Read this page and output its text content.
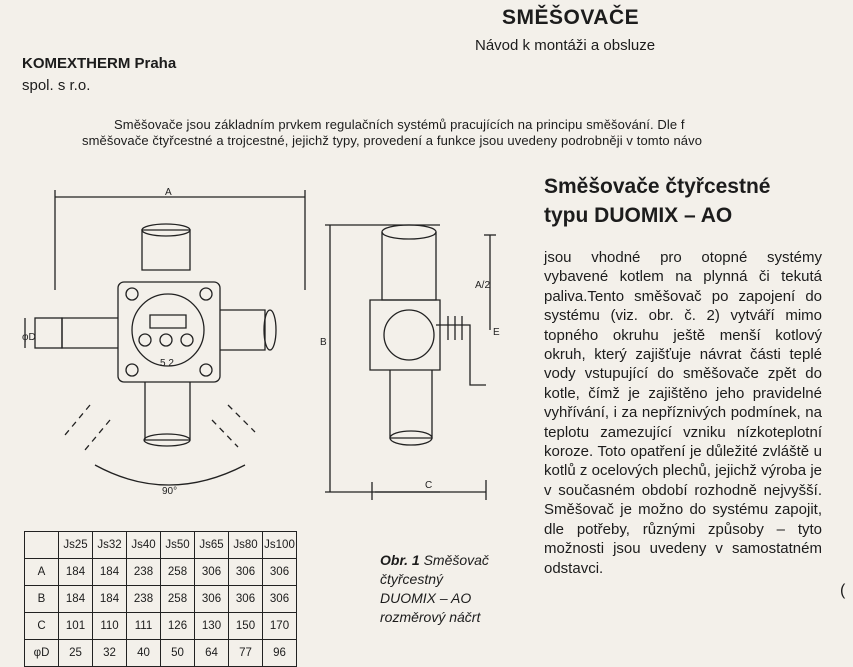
SMĚŠOVAČE
Návod k montáži a obsluze
KOMEXTHERM Praha
spol. s r.o.
Směšovače jsou základním prvkem regulačních systémů pracujících na principu směšování. Dle f
směšovače čtyřcestné a trojcestné, jejichž typy, provedení a funkce jsou uvedeny podrobněji v tomto návo
Směšovače čtyřcestné
typu DUOMIX – AO
jsou vhodné pro otopné systémy vybavené kotlem na plynná či tekutá paliva.Tento směšovač po zapojení do systému (viz. obr. č. 2) vytváří mimo topného okruhu ještě menší kotlový okruh, který zajišťuje návrat části teplé vody vstupující do směšovače zpět do kotle, čímž je zajištěno jeho pravidelné vyhřívání, i za nepříznivých podmínek, na teplotu zamezující vzniku nízkoteplotní koroze. Toto opatření je důležité zvláště u kotlů z ocelových plechů, jejichž výroba je v současném období rozhodně nejvyšší. Směšovač je možno do systému zapojit, dle potřeby, různými způsoby – tyto možnosti jsou uvedeny v samostatném odstavci.
A
B
C
E
A/2
φD
5 2
90°
Obr. 1 Směšovač
čtyřcestný
DUOMIX – AO
rozměrový náčrt
	Js25	Js32	Js40	Js50	Js65	Js80	Js100
A	184	184	238	258	306	306	306
B	184	184	238	258	306	306	306
C	101	110	111	126	130	150	170
φD	25	32	40	50	64	77	96
(
